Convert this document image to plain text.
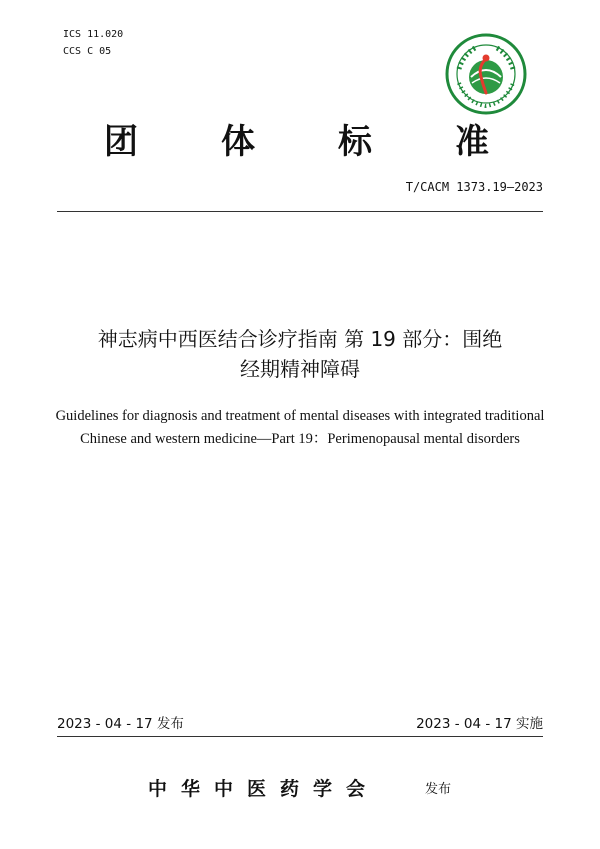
ICS 11.020
CCS C 05
团 体 标 准
T/CACM 1373.19—2023
神志病中西医结合诊疗指南 第 19 部分：围绝
经期精神障碍
Guidelines for diagnosis and treatment of mental diseases with integrated traditional
Chinese and western medicine—Part 19：Perimenopausal mental disorders
2023 - 04 - 17 发布	2023 - 04 - 17 实施
中华中医药学会	发布
